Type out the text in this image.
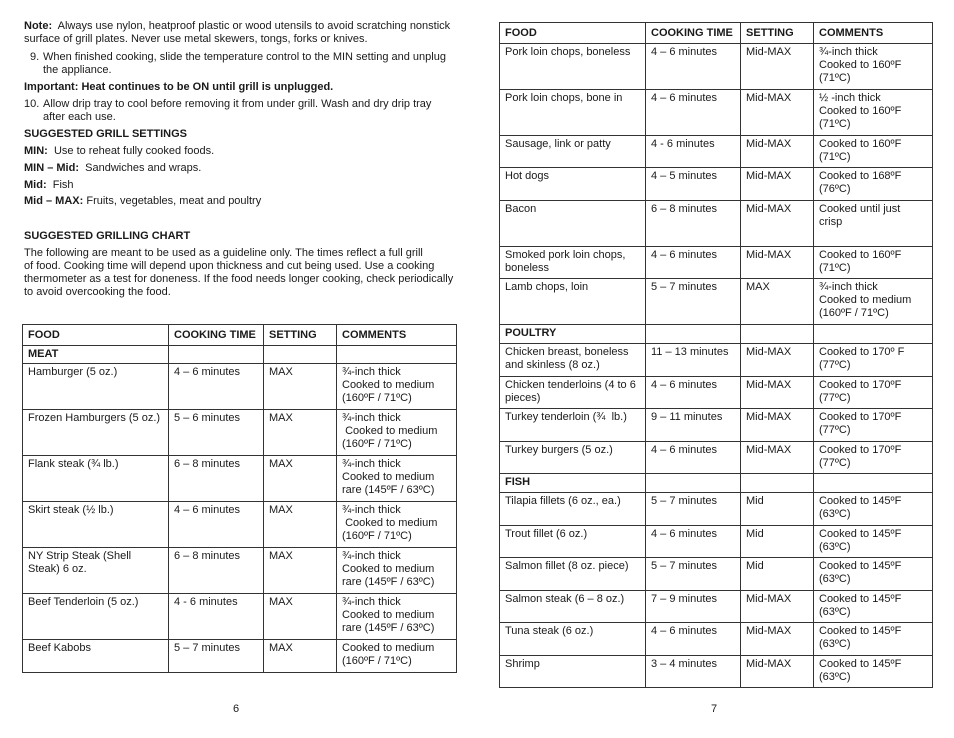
Note: Always use nylon, heatproof plastic or wood utensils to avoid scratching nonstick surface of grill plates. Never use metal skewers, tongs, forks or knives.

9. When finished cooking, slide the temperature control to the MIN setting and unplug
the appliance.

Important: Heat continues to be ON until grill is unplugged.

10. Allow drip tray to cool before removing it from under grill. Wash and dry drip tray
after each use.

SUGGESTED GRILL SETTINGS

MIN: Use to reheat fully cooked foods.

MIN – Mid: Sandwiches and wraps.

Mid: Fish

Mid – MAX: Fruits, vegetables, meat and poultry

SUGGESTED GRILLING CHART

The following are meant to be used as a guideline only. The times reflect a full grill
of food. Cooking time will depend upon thickness and cut being used. Use a cooking
thermometer as a test for doneness. If the food needs longer cooking, check periodically
to avoid overcooking the food.

FOOD	COOKING TIME	SETTING	COMMENTS
MEAT			
Hamburger (5 oz.)	4 – 6 minutes	MAX	¾-inch thick
Cooked to medium
(160ºF / 71ºC)
Frozen Hamburgers (5 oz.)	5 – 6 minutes	MAX	¾-inch thick
Cooked to medium
(160ºF / 71ºC)
Flank steak (¾ lb.)	6 – 8 minutes	MAX	¾-inch thick
Cooked to medium
rare (145ºF / 63ºC)
Skirt steak (½ lb.)	4 – 6 minutes	MAX	¾-inch thick
Cooked to medium
(160ºF / 71ºC)
NY Strip Steak (Shell
Steak) 6 oz.	6 – 8 minutes	MAX	¾-inch thick
Cooked to medium
rare (145ºF / 63ºC)
Beef Tenderloin (5 oz.)	4 - 6 minutes	MAX	¾-inch thick
Cooked to medium
rare (145ºF / 63ºC)
Beef Kabobs	5 – 7 minutes	MAX	Cooked to medium
(160ºF / 71ºC)
6
FOOD	COOKING TIME	SETTING	COMMENTS
Pork loin chops, boneless	4 – 6 minutes	Mid-MAX	¾-inch thick
Cooked to 160ºF
(71ºC)
Pork loin chops, bone in	4 – 6 minutes	Mid-MAX	½ -inch thick
Cooked to 160ºF
(71ºC)
Sausage, link or patty	4 - 6 minutes	Mid-MAX	Cooked to 160ºF
(71ºC)
Hot dogs	4 – 5 minutes	Mid-MAX	Cooked to 168ºF
(76ºC)
Bacon	6 – 8 minutes	Mid-MAX	Cooked until just
crisp
Smoked pork loin chops,
boneless	4 – 6 minutes	Mid-MAX	Cooked to 160ºF
(71ºC)
Lamb chops, loin	5 – 7 minutes	MAX	¾-inch thick
Cooked to medium
(160ºF / 71ºC)
POULTRY			
Chicken breast, boneless
and skinless (8 oz.)	11 – 13 minutes	Mid-MAX	Cooked to 170º F
(77ºC)
Chicken tenderloins (4 to 6
pieces)	4 – 6 minutes	Mid-MAX	Cooked to 170ºF
(77ºC)
Turkey tenderloin (¾  lb.)	9 – 11 minutes	Mid-MAX	Cooked to 170ºF
(77ºC)
Turkey burgers (5 oz.)	4 – 6 minutes	Mid-MAX	Cooked to 170ºF
(77ºC)
FISH			
Tilapia fillets (6 oz., ea.)	5 – 7 minutes	Mid	Cooked to 145ºF
(63ºC)
Trout fillet (6 oz.)	4 – 6 minutes	Mid	Cooked to 145ºF
(63ºC)
Salmon fillet (8 oz. piece)	5 – 7 minutes	Mid	Cooked to 145ºF
(63ºC)
Salmon steak (6 – 8 oz.)	7 – 9 minutes	Mid-MAX	Cooked to 145ºF
(63ºC)
Tuna steak (6 oz.)	4 – 6 minutes	Mid-MAX	Cooked to 145ºF
(63ºC)
Shrimp	3 – 4 minutes	Mid-MAX	Cooked to 145ºF
(63ºC)
7
